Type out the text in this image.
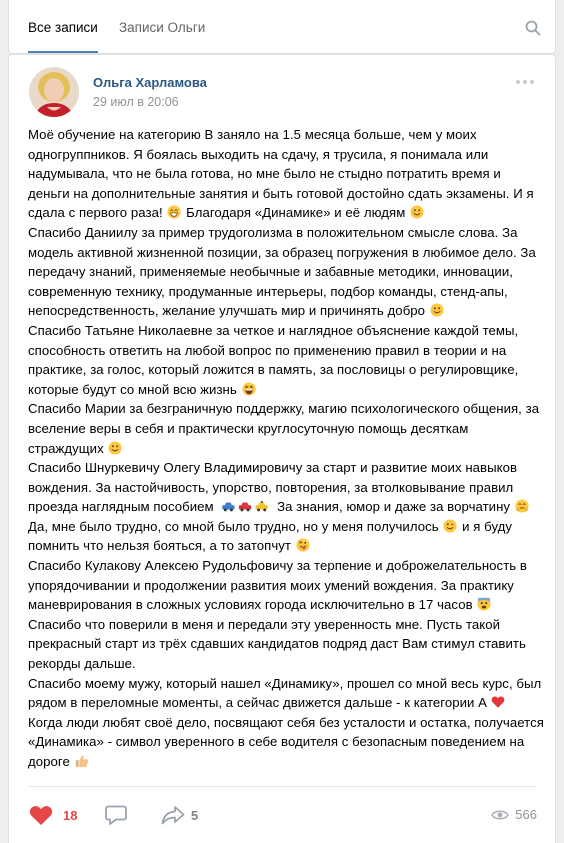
Все записи Записи Ольги
Ольга Харламова
29 июл в 20:06

Моё обучение на категорию B заняло на 1.5 месяца больше, чем у моих одногруппников. Я боялась выходить на сдачу, я трусила, я понимала или надумывала, что не была готова, но мне было не стыдно потратить время и деньги на дополнительные занятия и быть готовой достойно сдать экзамены. И я сдала с первого раза!  Благодаря «Динамике» и её людям

Спасибо Даниилу за пример трудоголизма в положительном смысле слова. За модель активной жизненной позиции, за образец погружения в любимое дело. За передачу знаний, применяемые необычные и забавные методики, инновации, современную технику, продуманные интерьеры, подбор команды, стенд-апы, непосредственность, желание улучшать мир и причинять добро

Спасибо Татьяне Николаевне за четкое и наглядное объяснение каждой темы, способность ответить на любой вопрос по применению правил в теории и на практике, за голос, который ложится в память, за пословицы о регулировщике, которые будут со мной всю жизнь

Спасибо Марии за безграничную поддержку, магию психологического общения, за вселение веры в себя и практически круглосуточную помощь десяткам страждущих

Спасибо Шнуркевичу Олегу Владимировичу за старт и развитие моих навыков вождения. За настойчивость, упорство, повторения, за втолковывание правил проезда наглядным пособием	За знания, юмор и даже за ворчатину

Да, мне было трудно, со мной было трудно, но у меня получилось  и я буду помнить что нельзя бояться, а то затопчут

Спасибо Кулакову Алексею Рудольфовичу за терпение и доброжелательность в упорядочивании и продолжении развития моих умений вождения. За практику маневрирования в сложных условиях города исключительно в 17 часов

Спасибо что поверили в меня и передали эту уверенность мне. Пусть такой прекрасный старт из трёх сдавших кандидатов подряд даст Вам стимул ставить рекорды дальше.

Спасибо моему мужу, который нашел «Динамику», прошел со мной весь курс, был рядом в переломные моменты, а сейчас движется дальше - к категории A

Когда люди любят своё дело, посвящают себя без усталости и остатка, получается «Динамика» - символ уверенного в себе водителя с безопасным поведением на дороге

18	5	566
